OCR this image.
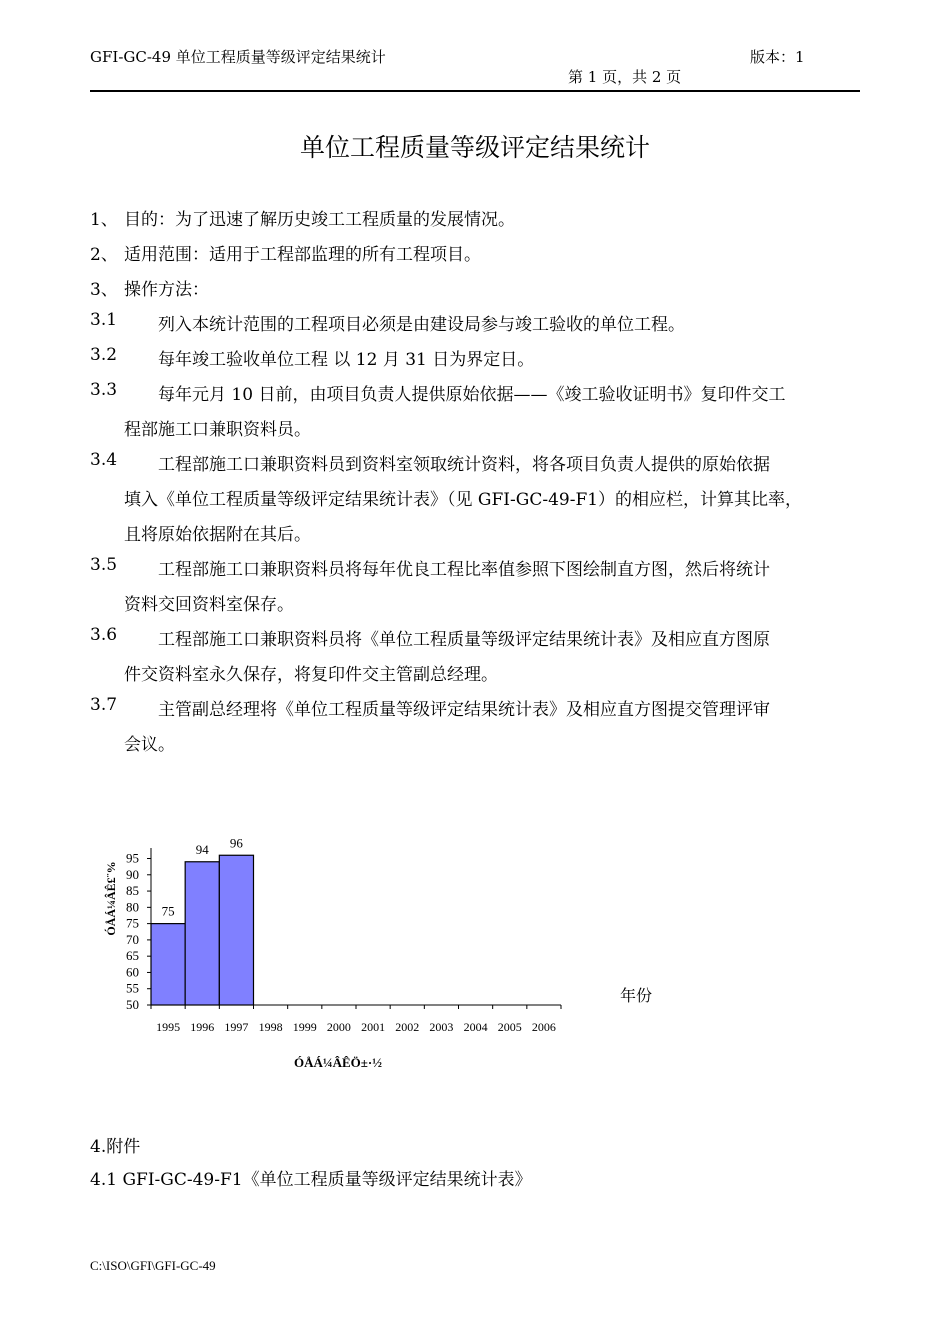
GFI-GC-49 单位工程质量等级评定结果统计	版本：1
第 1 页，共 2 页
单位工程质量等级评定结果统计
1、 目的：为了迅速了解历史竣工工程质量的发展情况。
2、 适用范围：适用于工程部监理的所有工程项目。
3、 操作方法：
3.1	列入本统计范围的工程项目必须是由建设局参与竣工验收的单位工程。
3.2	每年竣工验收单位工程 以 12 月 31 日为界定日。
3.3	每年元月 10 日前，由项目负责人提供原始依据——《竣工验收证明书》复印件交工
程部施工口兼职资料员。
3.4	工程部施工口兼职资料员到资料室领取统计资料，将各项目负责人提供的原始依据
填入《单位工程质量等级评定结果统计表》（见 GFI-GC-49-F1）的相应栏，计算其比率，
且将原始依据附在其后。
3.5	工程部施工口兼职资料员将每年优良工程比率值参照下图绘制直方图，然后将统计
资料交回资料室保存。
3.6	工程部施工口兼职资料员将《单位工程质量等级评定结果统计表》及相应直方图原
件交资料室永久保存，将复印件交主管副总经理。
3.7	主管副总经理将《单位工程质量等级评定结果统计表》及相应直方图提交管理评审
会议。
75
94 96
50
55
60
65
70
75
80
85
90
95
1995 1996 1997 1998 1999 2000 2001 2002 2003 2004 2005 2006
ÓÅÁ¼ÂÊ£¨%
ÓÅÁ¼ÂÊÖ±·½
年份
4.附件
4.1 GFI-GC-49-F1《单位工程质量等级评定结果统计表》
C:\ISO\GFI\GFI-GC-49
